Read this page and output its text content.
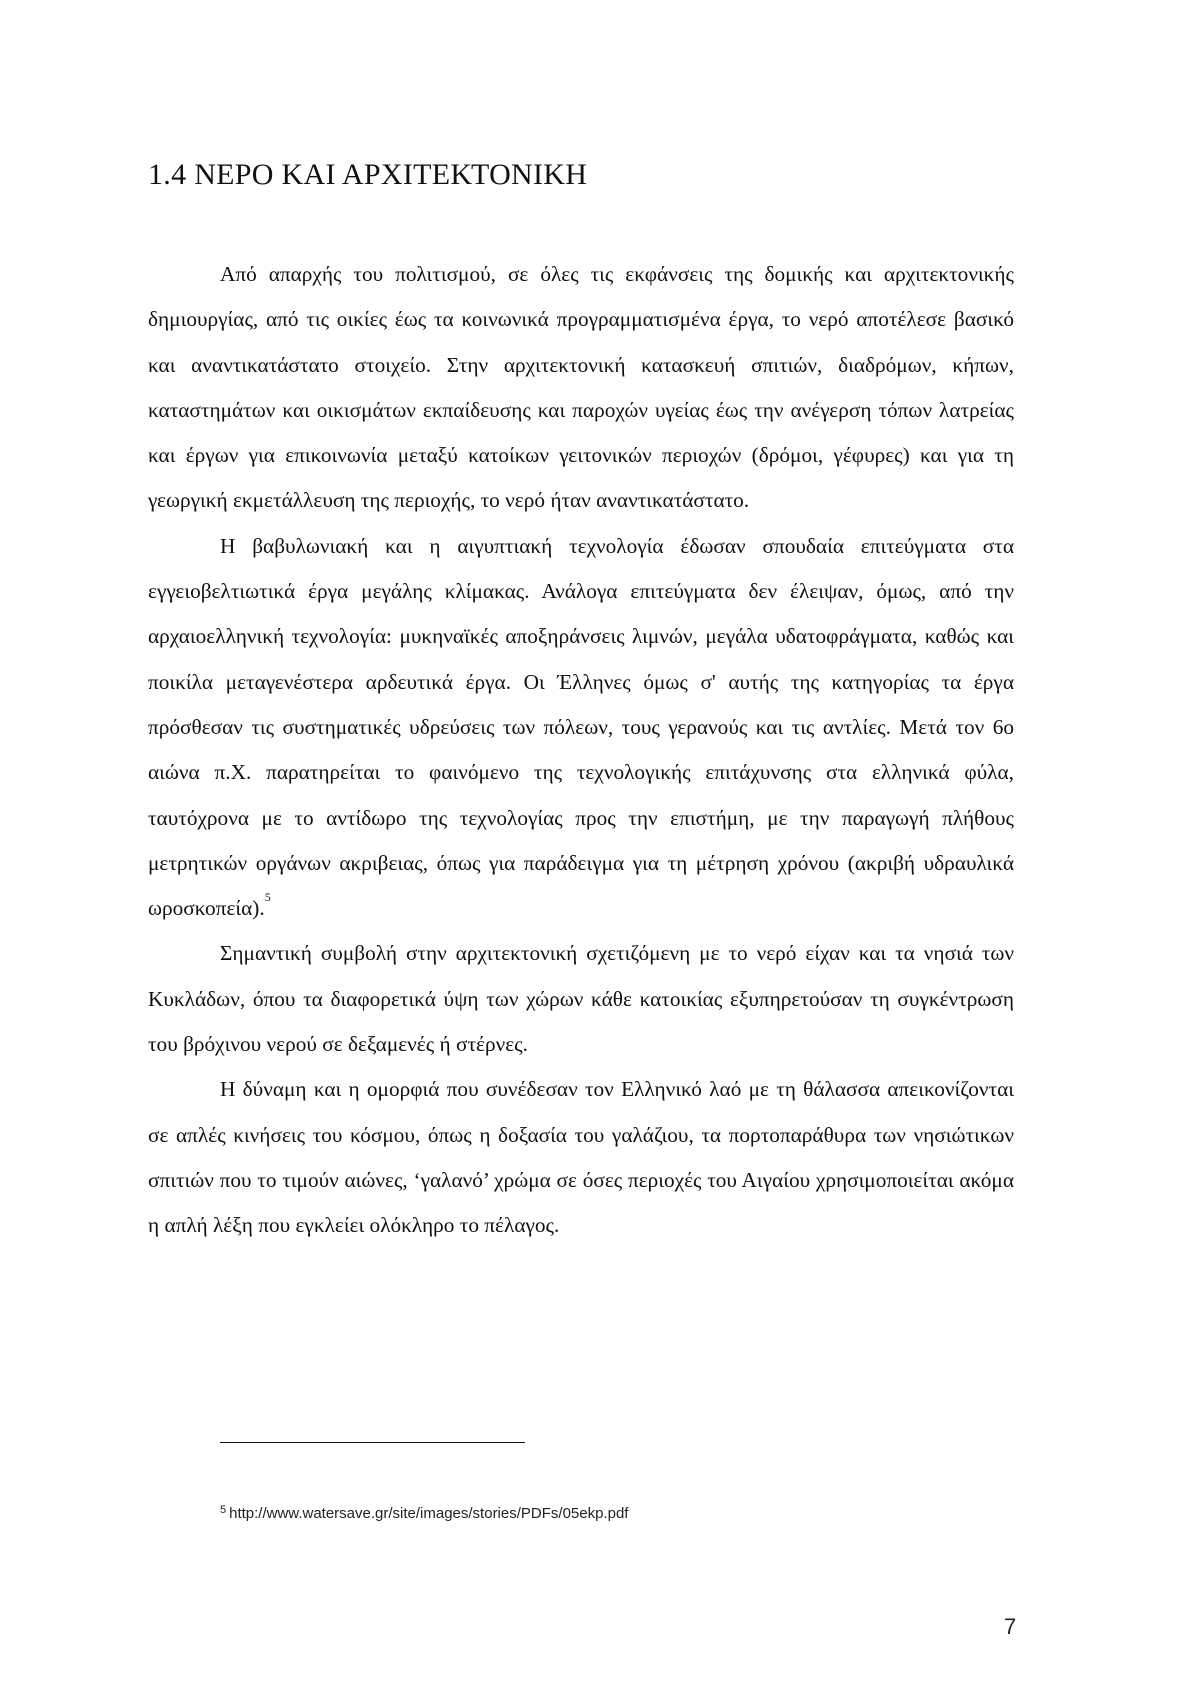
1.4 ΝΕΡΟ ΚΑΙ ΑΡΧΙΤΕΚΤΟΝΙΚΗ

Από απαρχής του πολιτισμού, σε όλες τις εκφάνσεις της δομικής και αρχιτεκτονικής δημιουργίας, από τις οικίες έως τα κοινωνικά προγραμματισμένα έργα, το νερό αποτέλεσε βασικό και αναντικατάστατο στοιχείο. Στην αρχιτεκτονική κατασκευή σπιτιών, διαδρόμων, κήπων, καταστημάτων και οικισμάτων εκπαίδευσης και παροχών υγείας έως την ανέγερση τόπων λατρείας και έργων για επικοινωνία μεταξύ κατοίκων γειτονικών περιοχών (δρόμοι, γέφυρες) και για τη γεωργική εκμετάλλευση της περιοχής, το νερό ήταν αναντικατάστατο.

Η βαβυλωνιακή και η αιγυπτιακή τεχνολογία έδωσαν σπουδαία επιτεύγματα στα εγγειοβελτιωτικά έργα μεγάλης κλίμακας. Ανάλογα επιτεύγματα δεν έλειψαν, όμως, από την αρχαιοελληνική τεχνολογία: μυκηναϊκές αποξηράνσεις λιμνών, μεγάλα υδατοφράγματα, καθώς και ποικίλα μεταγενέστερα αρδευτικά έργα. Οι Έλληνες όμως σ' αυτής της κατηγορίας τα έργα πρόσθεσαν τις συστηματικές υδρεύσεις των πόλεων, τους γερανούς και τις αντλίες. Μετά τον 6ο αιώνα π.Χ. παρατηρείται το φαινόμενο της τεχνολογικής επιτάχυνσης στα ελληνικά φύλα, ταυτόχρονα με το αντίδωρο της τεχνολογίας προς την επιστήμη, με την παραγωγή πλήθους μετρητικών οργάνων ακριβειας, όπως για παράδειγμα για τη μέτρηση χρόνου (ακριβή υδραυλικά ωροσκοπεία).$^5$

Σημαντική συμβολή στην αρχιτεκτονική σχετιζόμενη με το νερό είχαν και τα νησιά των Κυκλάδων, όπου τα διαφορετικά ύψη των χώρων κάθε κατοικίας εξυπηρετούσαν τη συγκέντρωση του βρόχινου νερού σε δεξαμενές ή στέρνες.

Η δύναμη και η ομορφιά που συνέδεσαν τον Ελληνικό λαό με τη θάλασσα απεικονίζονται σε απλές κινήσεις του κόσμου, όπως η δοξασία του γαλάζιου, τα πορτοπαράθυρα των νησιώτικων σπιτιών που το τιμούν αιώνες, ‘γαλανό’ χρώμα σε όσες περιοχές του Αιγαίου χρησιμοποιείται ακόμα η απλή λέξη που εγκλείει ολόκληρο το πέλαγος.

$^5$ http://www.watersave.gr/site/images/stories/PDFs/05ekp.pdf
7
